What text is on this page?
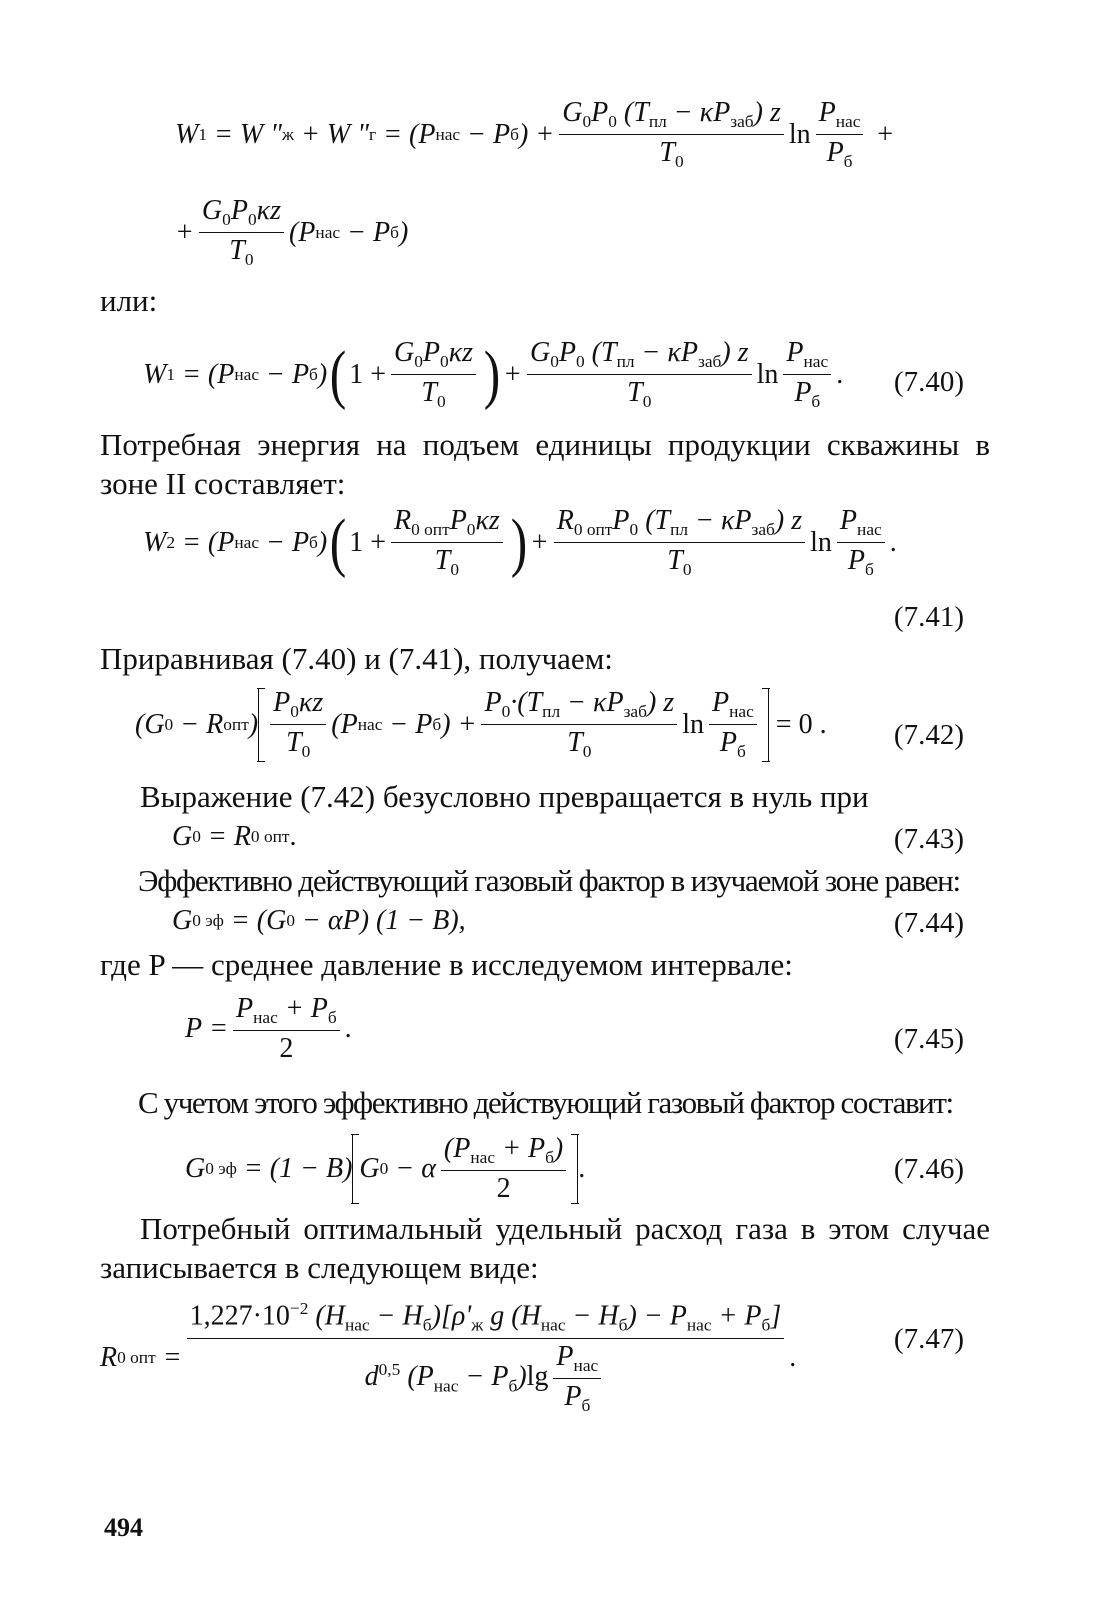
W 1 = W " ж + W " г = (P нас − P б ) + $\frac{G_0P_0 (T_{пл} - \kappa P_{заб}) z}{T_0}$ $\ln \frac{P_{нас}}{P_б}$ +
+ $\frac{G_0P_0\kappa z}{T_0} (P$ нас − P б )
или:
W 1 = (P нас − P б ) ( $1 + \frac{G_0P_0\kappa z}{T_0}$ ) + $\frac{G_0P_0 (T_{пл} - \kappa P_{заб}) z}{T_0}$ $\ln \frac{P_{нас}}{P_б}$ . (7.40)
Потребная энергия на подъем единицы продукции скважины в
зоне II составляет:
W 2 = (P нас − P б ) ( $1 + \frac{R_{0 опт}P_0\kappa z}{T_0}$ ) + $\frac{R_{0 опт}P_0 (T_{пл} - \kappa P_{заб}) z}{T_0}$ $\ln \frac{P_{нас}}{P_б}$ .
(7.41)
Приравнивая (7.40) и (7.41), получаем:
(G 0 − R опт ) $\frac{P_0\kappa z}{T_0} (P$ нас − P б ) + $\frac{P_0\cdot(T_{пл} - \kappa P_{заб}) z}{T_0}$ $\ln \frac{P_{нас}}{P_б} = 0$ . (7.42)
Выражение (7.42) безусловно превращается в нуль при
G 0 = R 0 опт .	(7.43)
Эффективно действующий газовый фактор в изучаемой зоне равен:
G 0 эф = (G 0 − αP) (1 − B),	(7.44)
где P — среднее давление в исследуемом интервале:
$P = \frac{P_{нас} + P_б}{2}$ .	(7.45)
С учетом этого эффективно действующий газовый фактор составит:
G 0 эф = (1 − B) G 0 − α $\frac{(P_{нас} + P_б)}{2}$ .	(7.46)
Потребный оптимальный удельный расход газа в этом случае
записывается в следующем виде:
R 0 опт = $\frac{1,227\cdot 10^{-2} (H_{нас} - H_б)[\rho'_ж g (H_{нас} - H_б) - P_{нас} + P_б]}{d^{0,5} (P_{нас} - P_б)\lg \frac{P_{нас}}{P_б}}$ .
(7.47)
494
